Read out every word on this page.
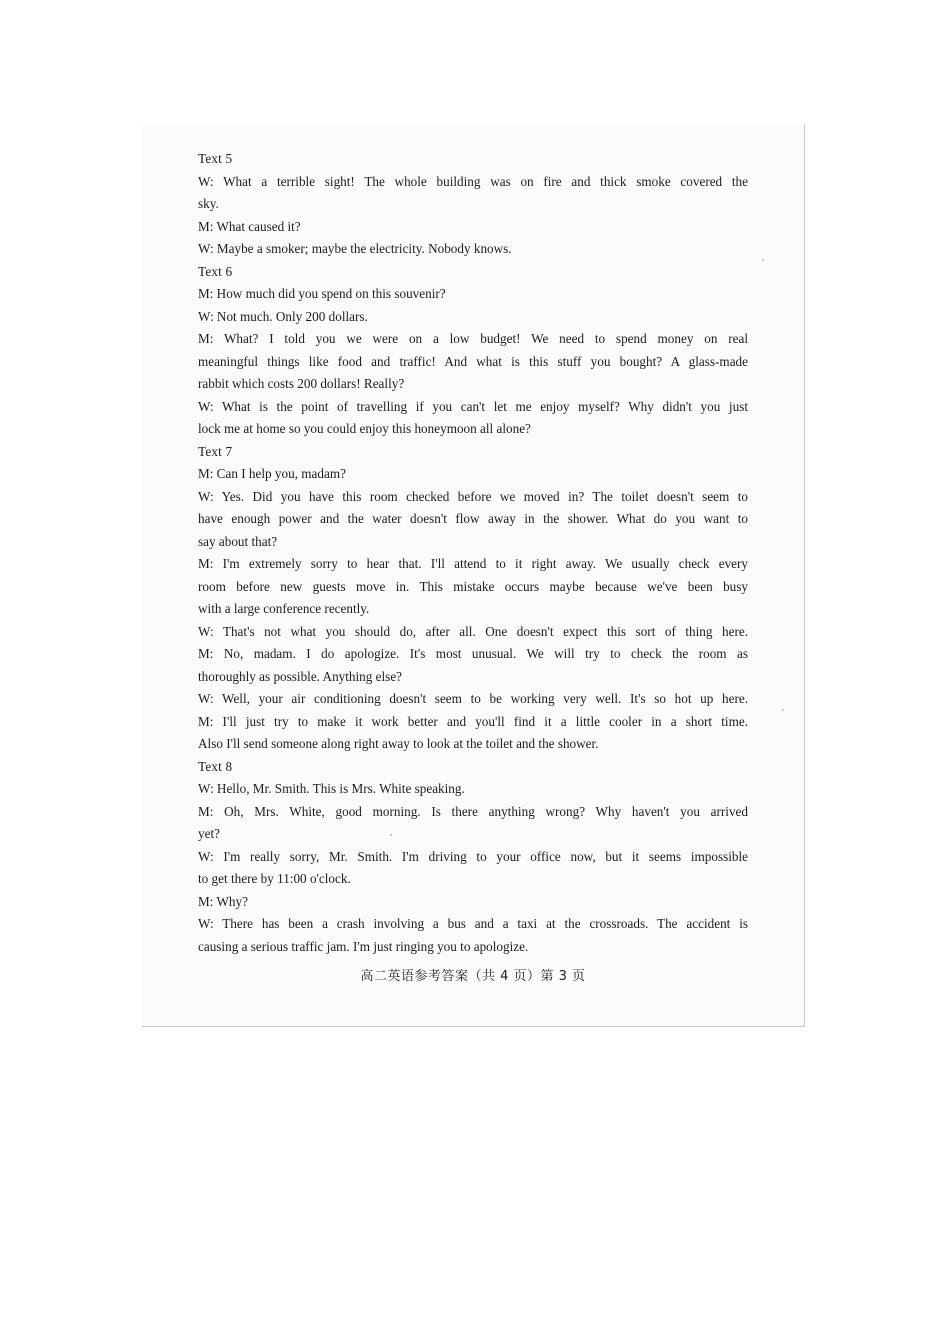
Text 5
W: What a terrible sight! The whole building was on fire and thick smoke covered the
sky.
M: What caused it?
W: Maybe a smoker; maybe the electricity. Nobody knows.
Text 6
M: How much did you spend on this souvenir?
W: Not much. Only 200 dollars.
M: What? I told you we were on a low budget! We need to spend money on real
meaningful things like food and traffic! And what is this stuff you bought? A glass-made
rabbit which costs 200 dollars! Really?
W: What is the point of travelling if you can't let me enjoy myself? Why didn't you just
lock me at home so you could enjoy this honeymoon all alone?
Text 7
M: Can I help you, madam?
W: Yes. Did you have this room checked before we moved in? The toilet doesn't seem to
have enough power and the water doesn't flow away in the shower. What do you want to
say about that?
M: I'm extremely sorry to hear that. I'll attend to it right away. We usually check every
room before new guests move in. This mistake occurs maybe because we've been busy
with a large conference recently.
W: That's not what you should do, after all. One doesn't expect this sort of thing here.
M: No, madam. I do apologize. It's most unusual. We will try to check the room as
thoroughly as possible. Anything else?
W: Well, your air conditioning doesn't seem to be working very well. It's so hot up here.
M: I'll just try to make it work better and you'll find it a little cooler in a short time.
Also I'll send someone along right away to look at the toilet and the shower.
Text 8
W: Hello, Mr. Smith. This is Mrs. White speaking.
M: Oh, Mrs. White, good morning. Is there anything wrong? Why haven't you arrived
yet?
W: I'm really sorry, Mr. Smith. I'm driving to your office now, but it seems impossible
to get there by 11:00 o'clock.
M: Why?
W: There has been a crash involving a bus and a taxi at the crossroads. The accident is
causing a serious traffic jam. I'm just ringing you to apologize.
高二英语参考答案（共 4 页）第 3 页
